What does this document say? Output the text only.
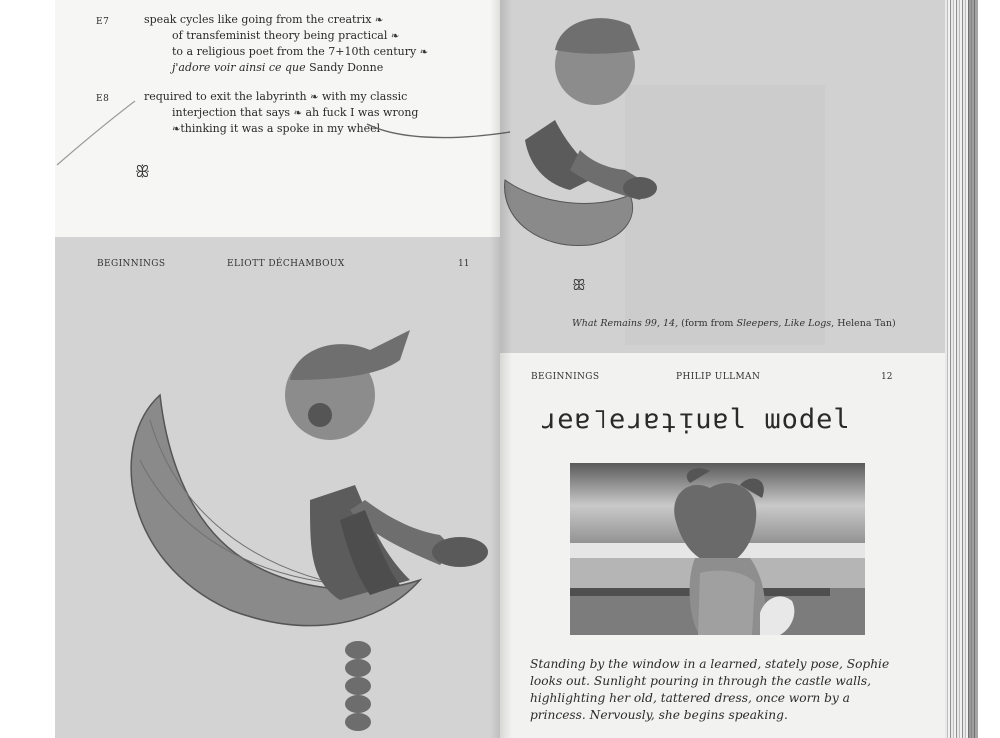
E7	speak cycles like going from the creatrix ❧
of transfeminist theory being practical ❧
to a religious poet from the 7+10th century ❧
j'adore voir ainsi ce que Sandy Donne
E8	required to exit the labyrinth ❧ with my classic
interjection that says ❧ ah fuck I was wrong
❧thinking it was a spoke in my wheel
ꕥ
BEGINNINGS	ELIOTT DÉCHAMBOUX	11
ꕥ
What Remains 99, 14, (form from Sleepers, Like Logs, Helena Tan)
BEGINNINGS	PHILIP ULLMAN	12
ɹeɐ˥eɹɐʇᴉuɐl ɯodel
Standing by the window in a learned, stately pose, Sophie looks out. Sunlight pouring in through the castle walls, highlighting her old, tattered dress, once worn by a princess. Nervously, she begins speaking.
